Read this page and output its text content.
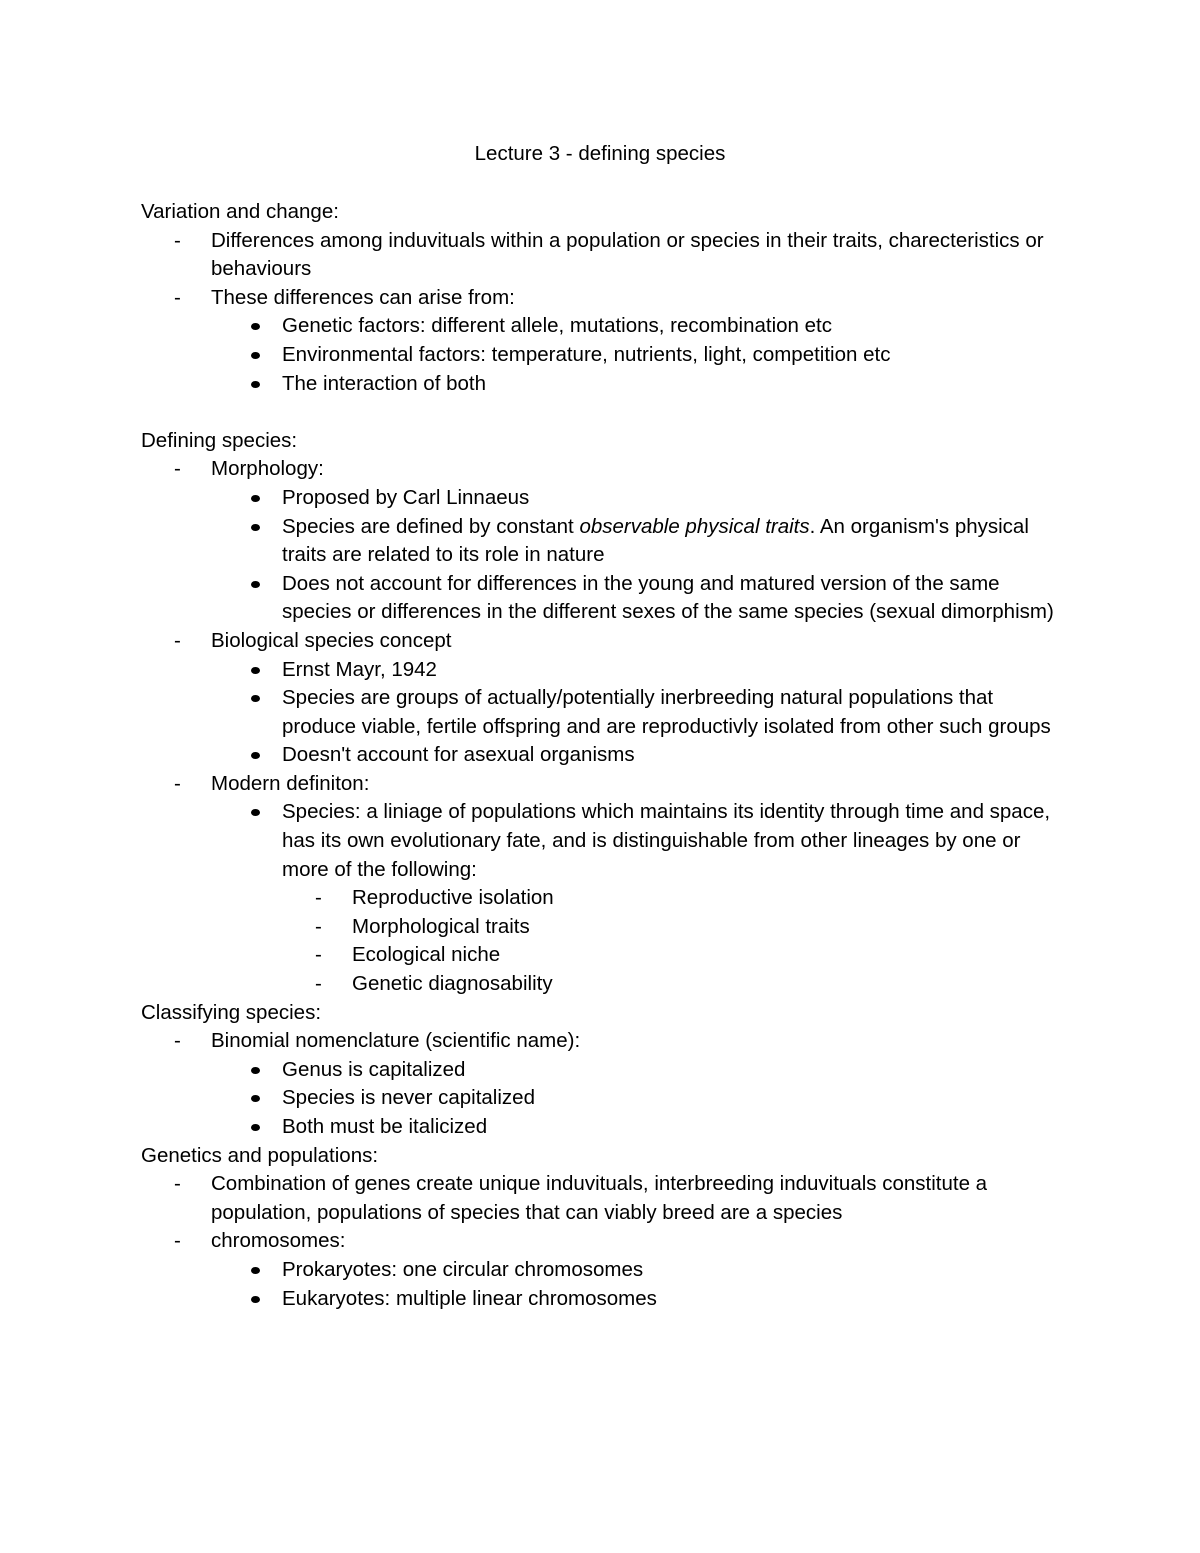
Lecture 3 - defining species
Variation and change:
- Differences among induvituals within a population or species in their traits, charecteristics or behaviours
- These differences can arise from:
Genetic factors: different allele, mutations, recombination etc
Environmental factors: temperature, nutrients, light, competition etc
The interaction of both
Defining species:
- Morphology:
Proposed by Carl Linnaeus
Species are defined by constant observable physical traits. An organism's physical traits are related to its role in nature
Does not account for differences in the young and matured version of the same species or differences in the different sexes of the same species (sexual dimorphism)
- Biological species concept
Ernst Mayr, 1942
Species are groups of actually/potentially inerbreeding natural populations that produce viable, fertile offspring and are reproductivly isolated from other such groups
Doesn't account for asexual organisms
- Modern definiton:
Species: a liniage of populations which maintains its identity through time and space, has its own evolutionary fate, and is distinguishable from other lineages by one or more of the following:
- Reproductive isolation
- Morphological traits
- Ecological niche
- Genetic diagnosability
Classifying species:
- Binomial nomenclature (scientific name):
Genus is capitalized
Species is never capitalized
Both must be italicized
Genetics and populations:
- Combination of genes create unique induvituals, interbreeding induvituals constitute a population, populations of species that can viably breed are a species
- chromosomes:
Prokaryotes: one circular chromosomes
Eukaryotes: multiple linear chromosomes
